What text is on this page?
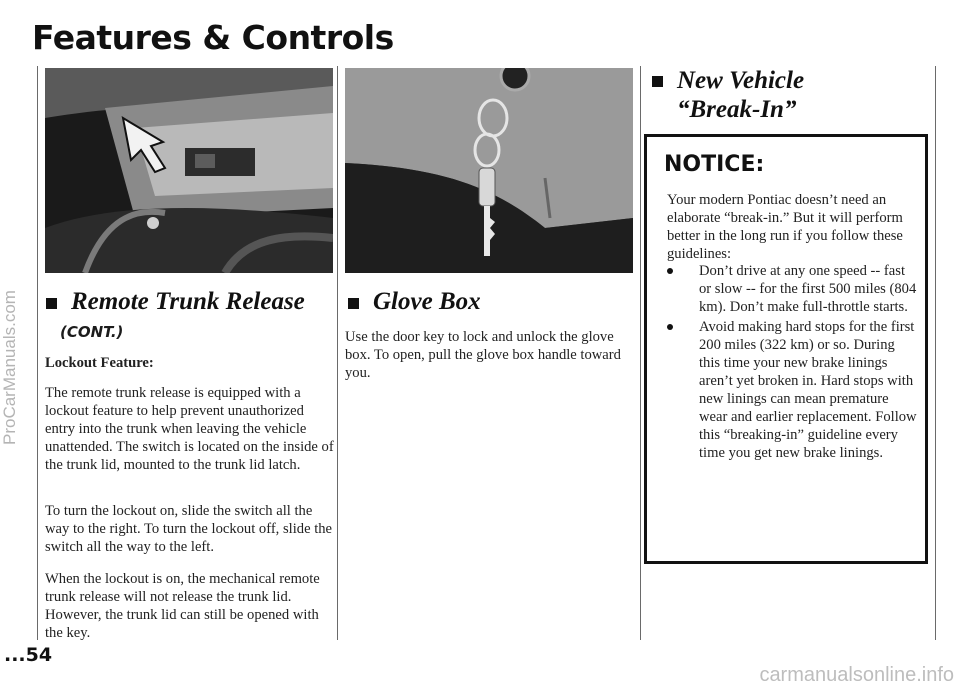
Features & Controls
Remote Trunk Release
(CONT.)
Lockout Feature:
The remote trunk release is equipped with a lockout feature to help prevent unauthorized entry into the trunk when leaving the vehicle unattended. The switch is located on the inside of the trunk lid, mounted to the trunk lid latch.
To turn the lockout on, slide the switch all the way to the right. To turn the lockout off, slide the switch all the way to the left.
When the lockout is on, the mechanical remote trunk release will not release the trunk lid. However, the trunk lid can still be opened with the key.
Glove Box
Use the door key to lock and unlock the glove box. To open, pull the glove box handle toward you.
New Vehicle
“Break-In”
NOTICE:
Your modern Pontiac doesn’t need an elaborate “break-in.” But it will perform better in the long run if you follow these guidelines:
Don’t drive at any one speed -- fast or slow -- for the first 500 miles (804 km). Don’t make full-throttle starts.
Avoid making hard stops for the first 200 miles (322 km) or so. During this time your new brake linings aren’t yet broken in. Hard stops with new linings can mean premature wear and earlier replacement. Follow this “breaking-in” guideline every time you get new brake linings.
ProCarManuals.com
...54
carmanualsonline.info
